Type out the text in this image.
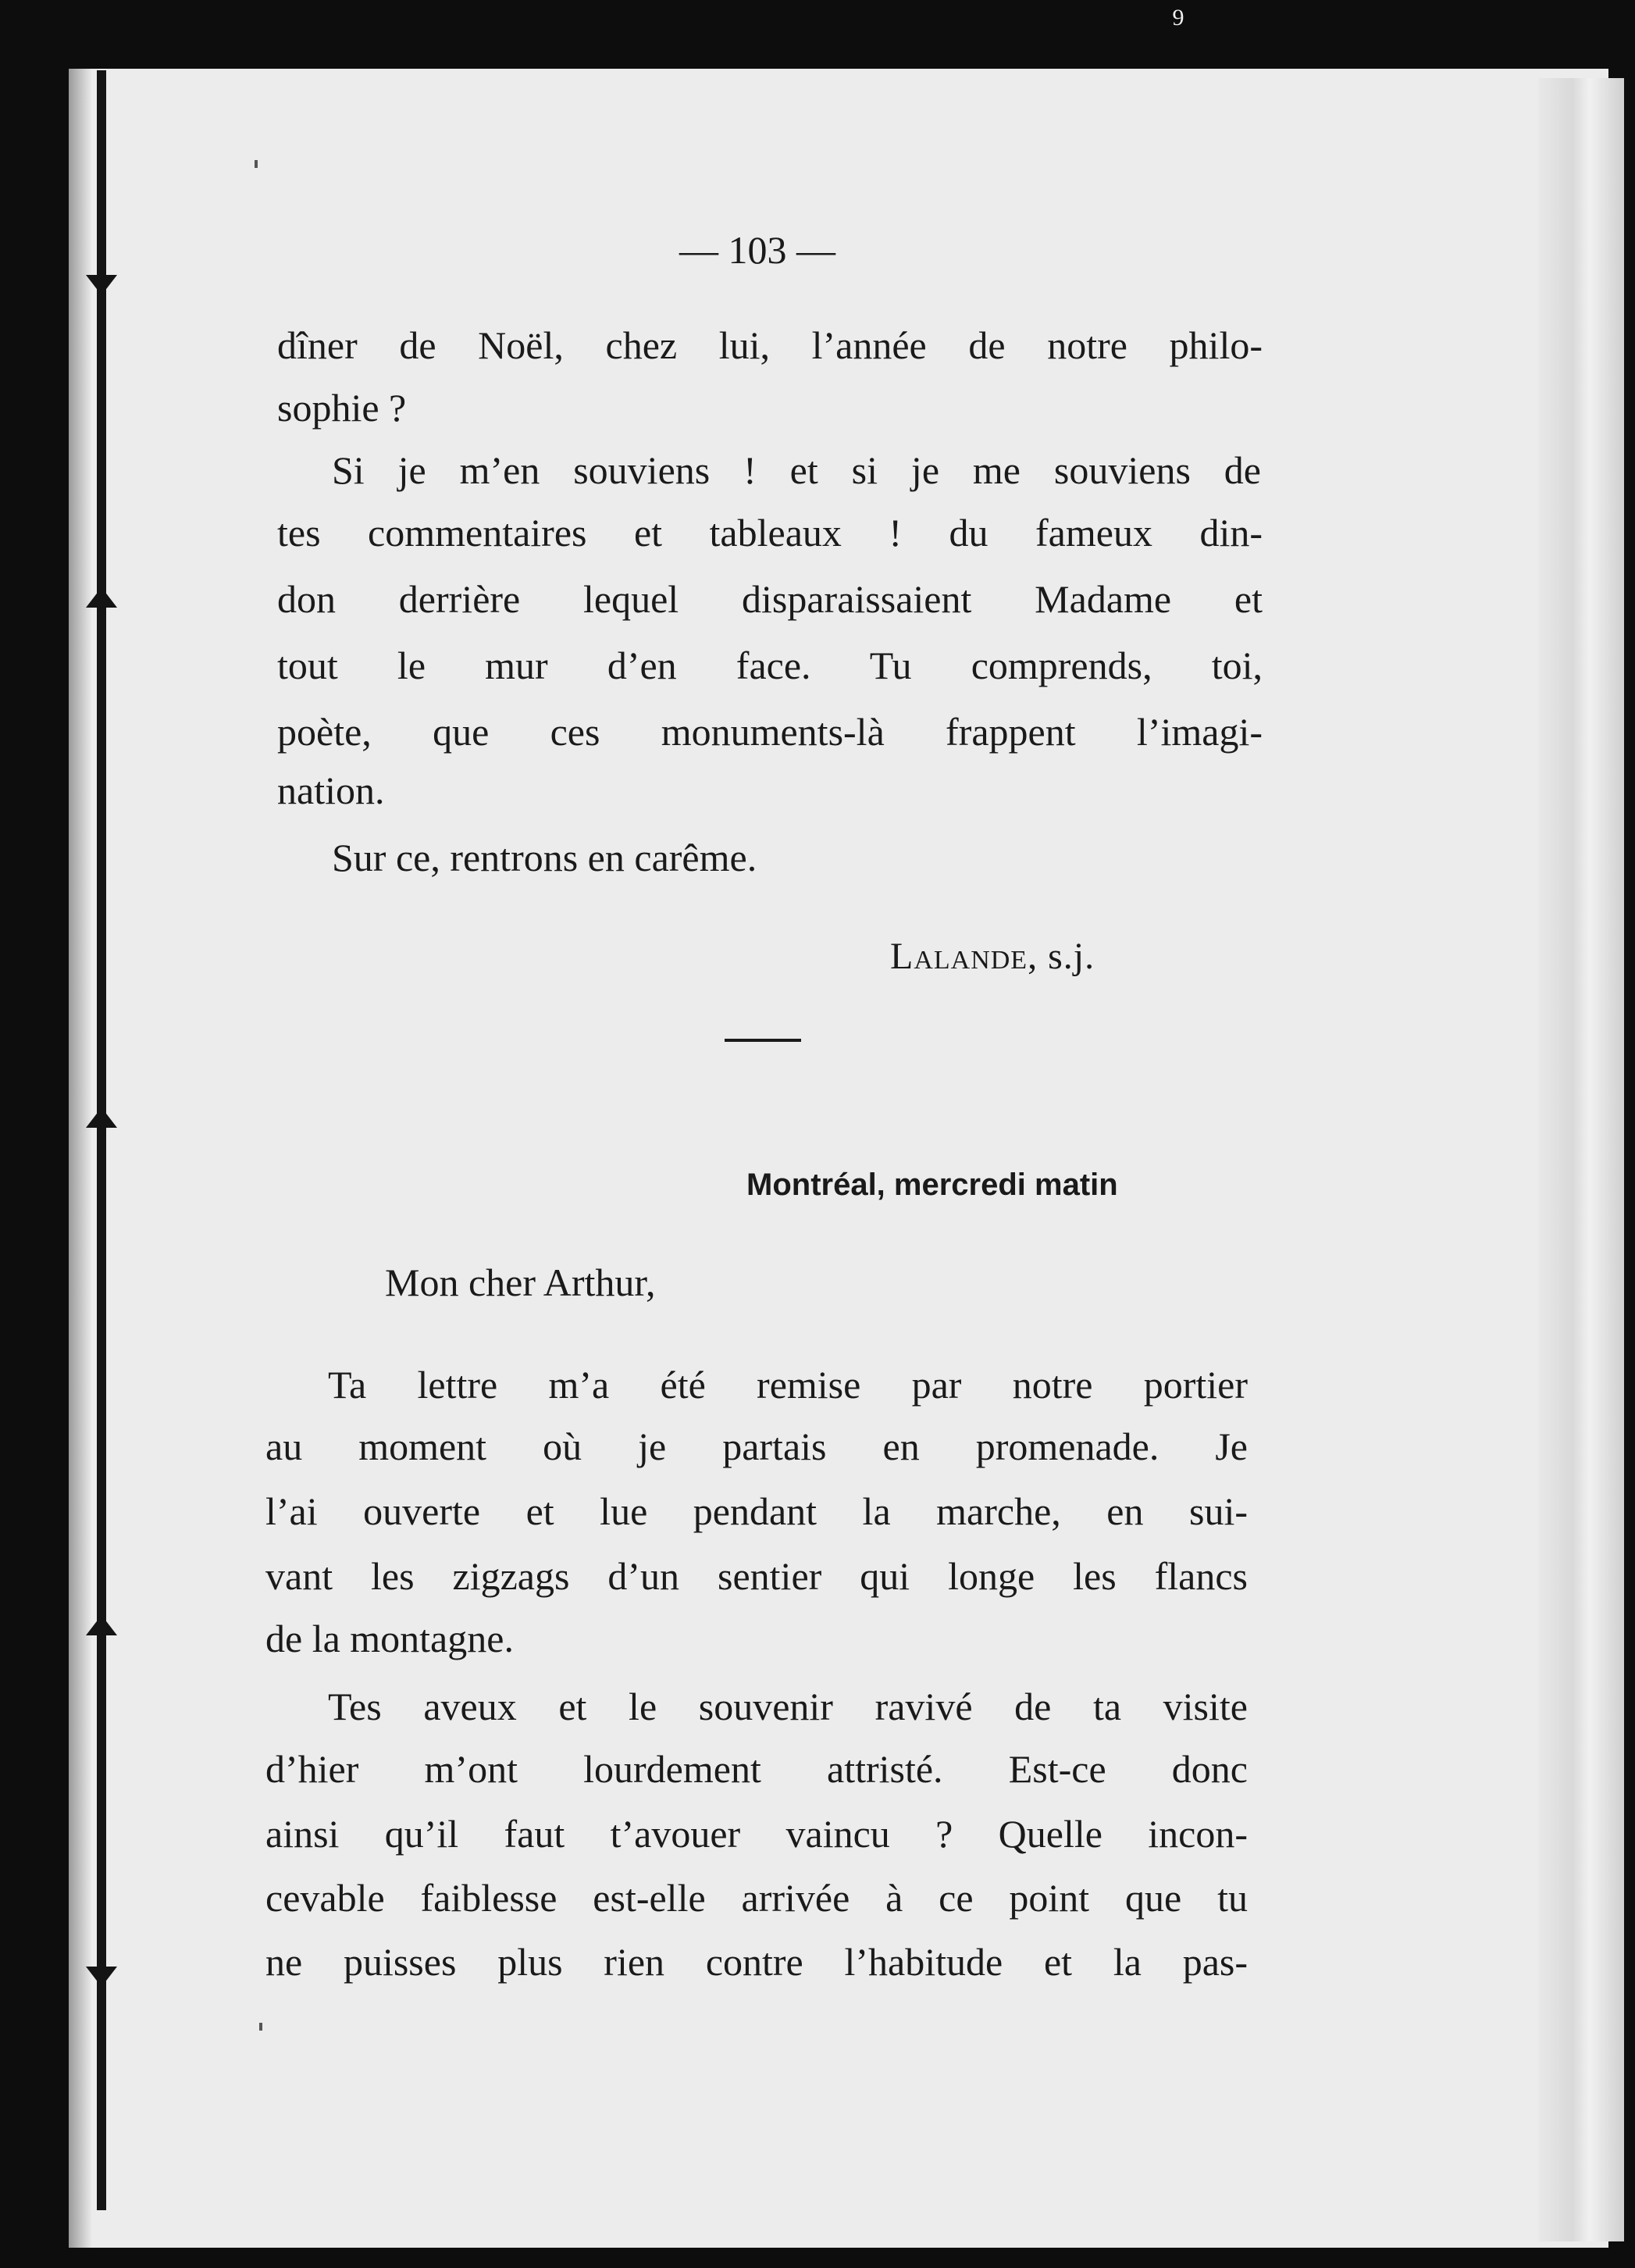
9
— 103 —
dîner de Noël, chez lui, l’année de notre philo-
sophie ?
Si je m’en souviens ! et si je me souviens de
tes commentaires et tableaux ! du fameux din-
don derrière lequel disparaissaient Madame et
tout le mur d’en face. Tu comprends, toi,
poète, que ces monuments-là frappent l’imagi-
nation.
Sur ce, rentrons en carême.
Lalande, s.j.
Montréal, mercredi matin
Mon cher Arthur,
Ta lettre m’a été remise par notre portier
au moment où je partais en promenade. Je
l’ai ouverte et lue pendant la marche, en sui-
vant les zigzags d’un sentier qui longe les flancs
de la montagne.
Tes aveux et le souvenir ravivé de ta visite
d’hier m’ont lourdement attristé. Est-ce donc
ainsi qu’il faut t’avouer vaincu ? Quelle incon-
cevable faiblesse est-elle arrivée à ce point que tu
ne puisses plus rien contre l’habitude et la pas-
